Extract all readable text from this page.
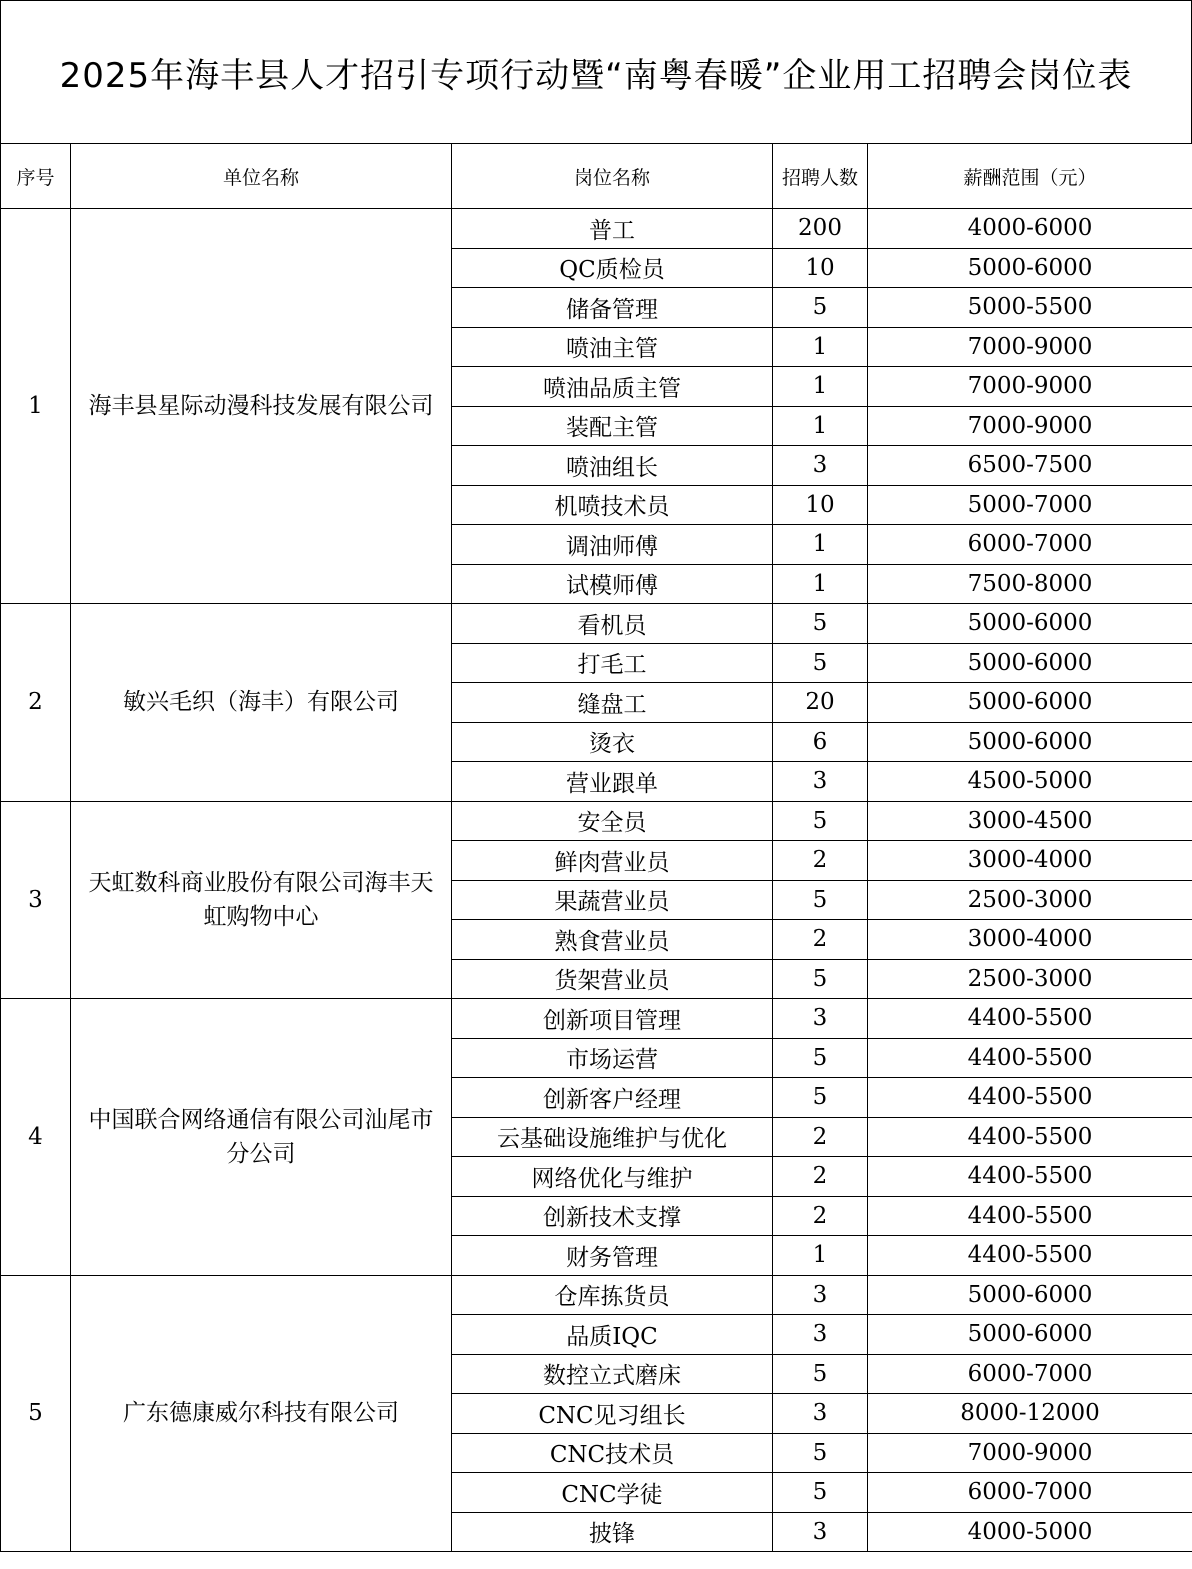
2025年海丰县人才招引专项行动暨“南粤春暖”企业用工招聘会岗位表
序号	单位名称	岗位名称	招聘人数	薪酬范围（元）
1	海丰县星际动漫科技发展有限公司	普工	200	4000-6000
		QC质检员	10	5000-6000
		储备管理	5	5000-5500
		喷油主管	1	7000-9000
		喷油品质主管	1	7000-9000
		装配主管	1	7000-9000
		喷油组长	3	6500-7500
		机喷技术员	10	5000-7000
		调油师傅	1	6000-7000
		试模师傅	1	7500-8000
2	敏兴毛织（海丰）有限公司	看机员	5	5000-6000
		打毛工	5	5000-6000
		缝盘工	20	5000-6000
		烫衣	6	5000-6000
		营业跟单	3	4500-5000
3	天虹数科商业股份有限公司海丰天虹购物中心	安全员	5	3000-4500
		鲜肉营业员	2	3000-4000
		果蔬营业员	5	2500-3000
		熟食营业员	2	3000-4000
		货架营业员	5	2500-3000
4	中国联合网络通信有限公司汕尾市分公司	创新项目管理	3	4400-5500
		市场运营	5	4400-5500
		创新客户经理	5	4400-5500
		云基础设施维护与优化	2	4400-5500
		网络优化与维护	2	4400-5500
		创新技术支撑	2	4400-5500
		财务管理	1	4400-5500
5	广东德康威尔科技有限公司	仓库拣货员	3	5000-6000
		品质IQC	3	5000-6000
		数控立式磨床	5	6000-7000
		CNC见习组长	3	8000-12000
		CNC技术员	5	7000-9000
		CNC学徒	5	6000-7000
		披锋	3	4000-5000
